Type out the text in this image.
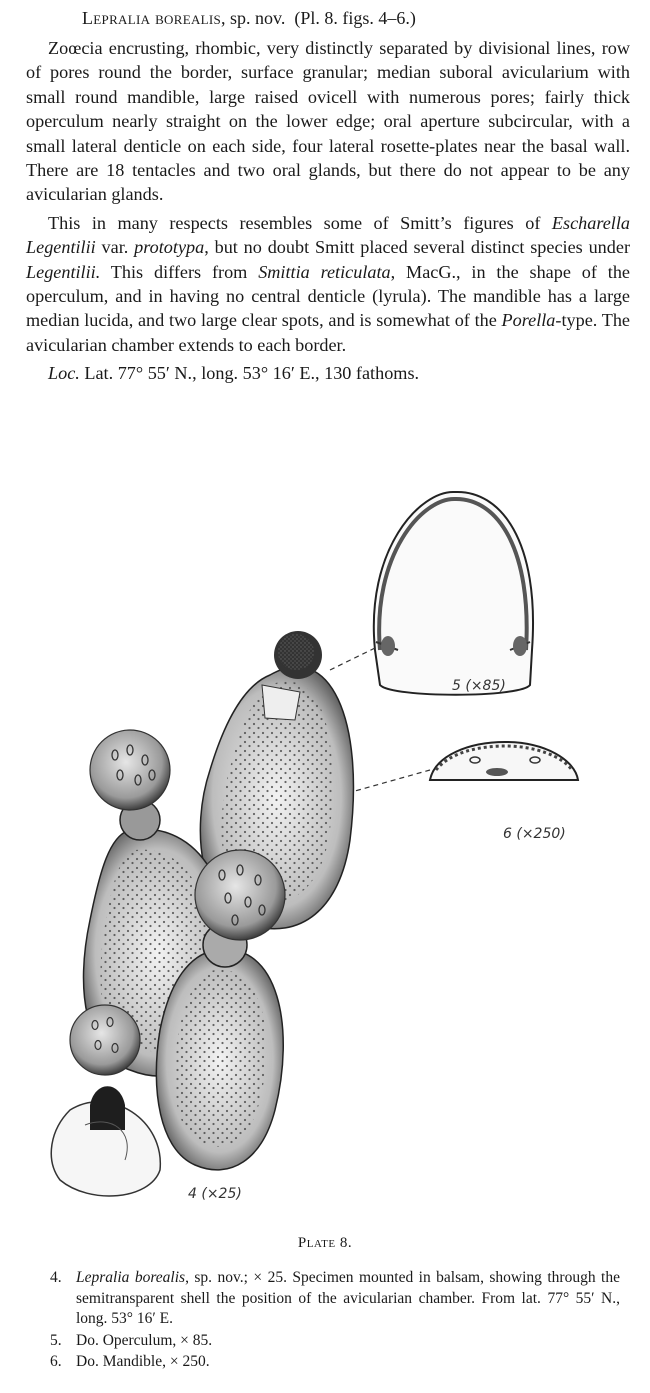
Lepralia borealis, sp. nov. (Pl. 8. figs. 4–6.)

Zoœcia encrusting, rhombic, very distinctly separated by divisional lines, row of pores round the border, surface granular; median suboral avicularium with small round mandible, large raised ovicell with numerous pores; fairly thick operculum nearly straight on the lower edge; oral aperture subcircular, with a small lateral denticle on each side, four lateral rosette-plates near the basal wall. There are 18 tentacles and two oral glands, but there do not appear to be any avicularian glands.

This in many respects resembles some of Smitt’s figures of Escharella Legentilii var. prototypa, but no doubt Smitt placed several distinct species under Legentilii. This differs from Smittia reticulata, MacG., in the shape of the operculum, and in having no central denticle (lyrula). The mandible has a large median lucida, and two large clear spots, and is somewhat of the Porella-type. The avicularian chamber extends to each border.

Loc. Lat. 77° 55′ N., long. 53° 16′ E., 130 fathoms.

5 (×85)
6 (×250)
4 (×25)
Plate 8.
4. Lepralia borealis, sp. nov.; × 25. Specimen mounted in balsam, showing through the semitransparent shell the position of the avicularian chamber. From lat. 77° 55′ N., long. 53° 16′ E.
5. Do. Operculum, × 85.
6. Do. Mandible, × 250.
